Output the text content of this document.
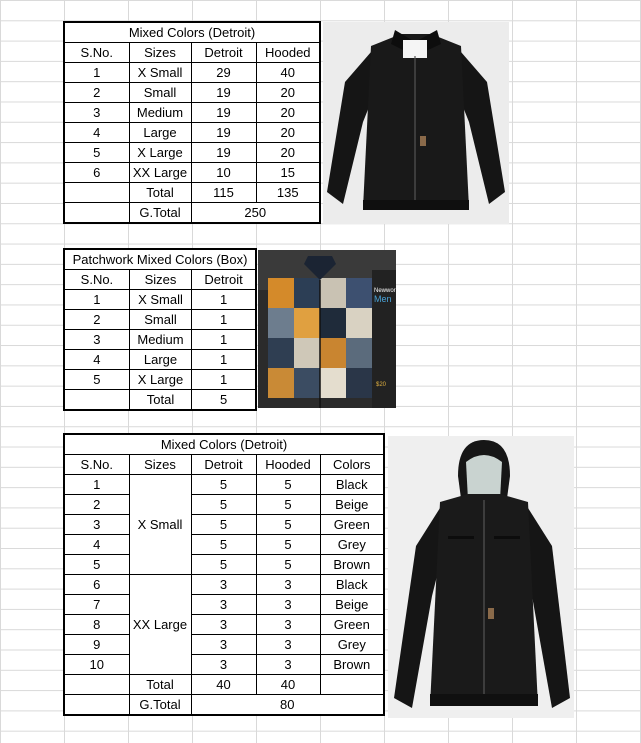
Mixed Colors (Detroit)			
S.No.	Sizes	Detroit	Hooded
1	X Small	29	40
2	Small	19	20
3	Medium	19	20
4	Large	19	20
5	X Large	19	20
6	XX Large	10	15
	Total	115	135
	G.Total	250	
Patchwork Mixed Colors (Box)		
S.No.	Sizes	Detroit
1	X Small	1
2	Small	1
3	Medium	1
4	Large	1
5	X Large	1
	Total	5
Newworke
Men
$20
Mixed Colors (Detroit)				
S.No.	Sizes	Detroit	Hooded	Colors
1	X Small	5	5	Black
2		5	5	Beige
3		5	5	Green
4		5	5	Grey
5		5	5	Brown
6	XX Large	3	3	Black
7		3	3	Beige
8		3	3	Green
9		3	3	Grey
10		3	3	Brown
	Total	40	40	
	G.Total	80		
